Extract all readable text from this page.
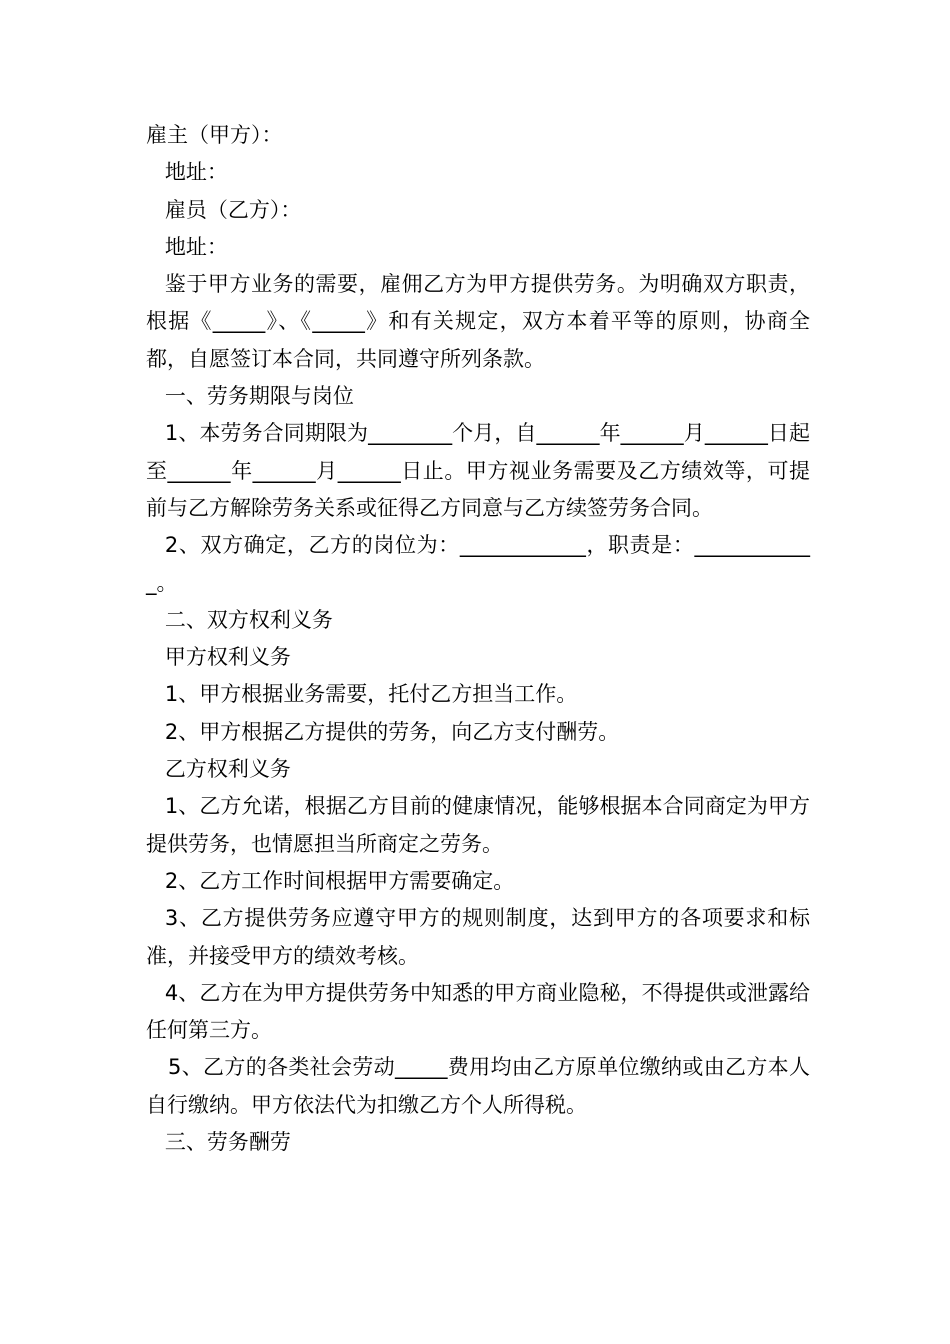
雇主（甲方）：

地址：

雇员（乙方）：

地址：

鉴于甲方业务的需要，雇佣乙方为甲方提供劳务。为明确双方职责，根据《_____》、《_____》和有关规定，双方本着平等的原则，协商全都，自愿签订本合同，共同遵守所列条款。

一、劳务期限与岗位

1、本劳务合同期限为________个月，自______年______月______日起至______年______月______日止。甲方视业务需要及乙方绩效等，可提前与乙方解除劳务关系或征得乙方同意与乙方续签劳务合同。

2、双方确定，乙方的岗位为：____________，职责是：____________。

二、双方权利义务

甲方权利义务

1、甲方根据业务需要，托付乙方担当工作。

2、甲方根据乙方提供的劳务，向乙方支付酬劳。

乙方权利义务

1、乙方允诺，根据乙方目前的健康情况，能够根据本合同商定为甲方提供劳务，也情愿担当所商定之劳务。

2、乙方工作时间根据甲方需要确定。

3、乙方提供劳务应遵守甲方的规则制度，达到甲方的各项要求和标准，并接受甲方的绩效考核。

4、乙方在为甲方提供劳务中知悉的甲方商业隐秘，不得提供或泄露给任何第三方。

5、乙方的各类社会劳动_____费用均由乙方原单位缴纳或由乙方本人自行缴纳。甲方依法代为扣缴乙方个人所得税。

三、劳务酬劳
